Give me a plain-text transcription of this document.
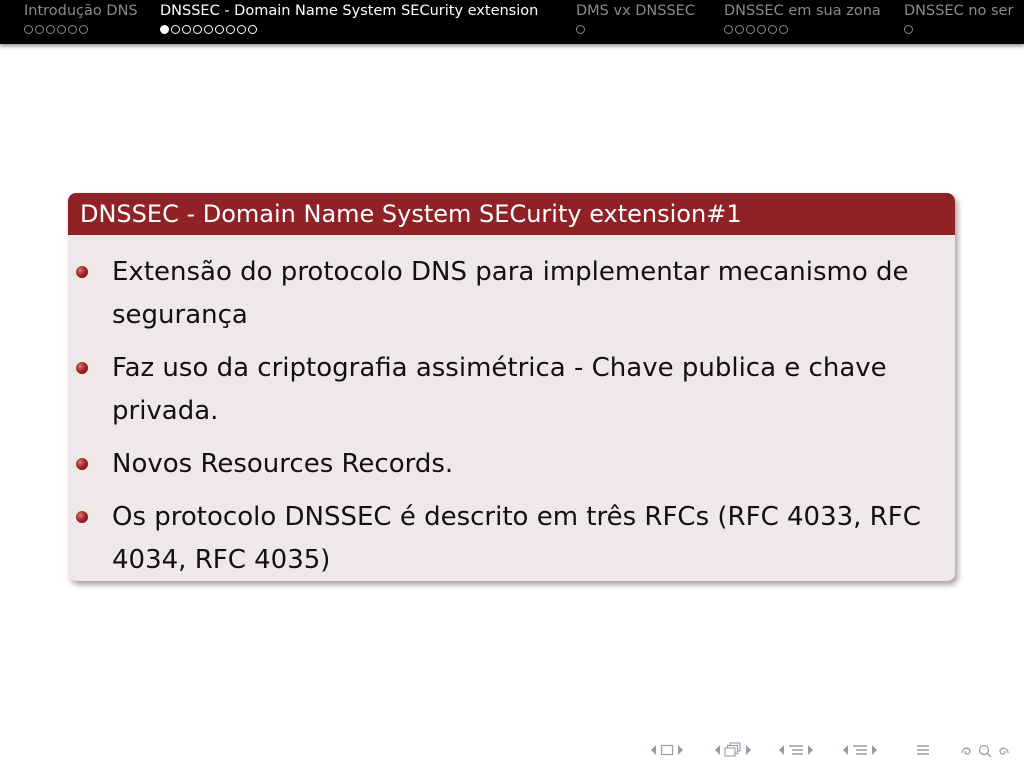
Introdução DNS DNSSEC - Domain Name System SECurity extension	DMS vx DNSSEC DNSSEC em sua zona DNSSEC no ser
DNSSEC - Domain Name System SECurity extension#1
Extensão do protocolo DNS para implementar mecanismo de segurança
Faz uso da criptografia assimétrica - Chave publica e chave privada.
Novos Resources Records.
Os protocolo DNSSEC é descrito em três RFCs (RFC 4033, RFC 4034, RFC 4035)
